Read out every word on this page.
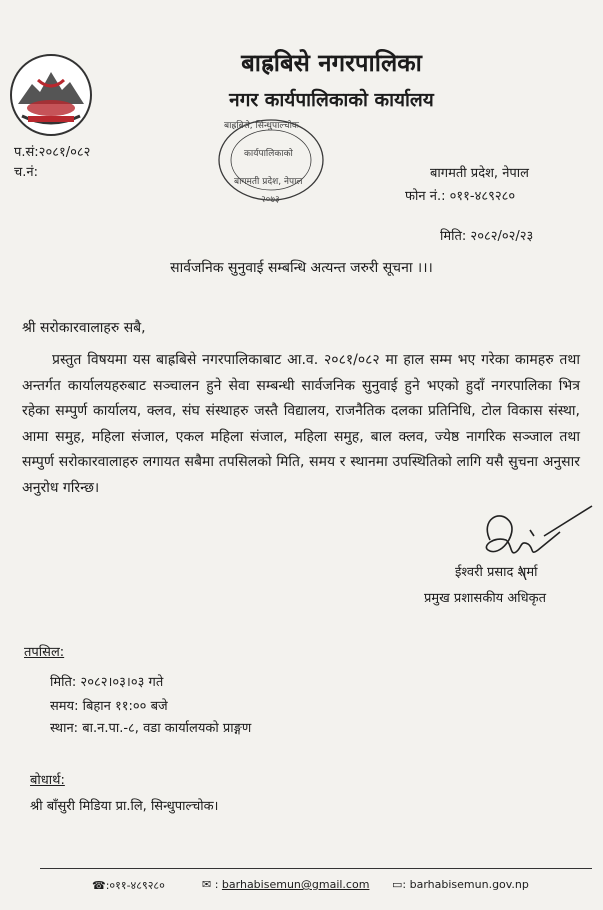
बाह्रबिसे नगरपालिका
नगर कार्यपालिकाको कार्यालय
प.सं:२०८१/०८२
च.नं:
बाह्रबिसे, सिन्धुपाल्चोक
कार्यपालिकाको
बागमती प्रदेश, नेपाल
२०७३
बागमती प्रदेश, नेपाल
फोन नं.: ०११-४८९२८०
मिति: २०८२/०२/२३
सार्वजनिक सुनुवाई सम्बन्धि अत्यन्त जरुरी सूचना ।।।
श्री सरोकारवालाहरु सबै,
प्रस्तुत विषयमा यस बाह्रबिसे नगरपालिकाबाट आ.व. २०८१/०८२ मा हाल सम्म भए गरेका कामहरु तथा अन्तर्गत कार्यालयहरुबाट सञ्चालन हुने सेवा सम्बन्धी सार्वजनिक सुनुवाई हुने भएको हुदाँ नगरपालिका भित्र रहेका सम्पुर्ण कार्यालय, क्लव, संघ संस्थाहरु जस्तै विद्यालय, राजनैतिक दलका प्रतिनिधि, टोल विकास संस्था, आमा समुह, महिला संजाल, एकल महिला संजाल, महिला समुह, बाल क्लव, ज्येष्ठ नागरिक सञ्जाल तथा सम्पुर्ण सरोकारवालाहरु लगायत सबैमा तपसिलको मिति, समय र स्थानमा उपस्थितिको लागि यसै सुचना अनुसार अनुरोध गरिन्छ।
ईश्वरी प्रसाद शर्मा
प्रमुख प्रशासकीय अधिकृत
तपसिल:
मिति: २०८२।०३।०३ गते
समय: बिहान ११:०० बजे
स्थान: बा.न.पा.-८, वडा कार्यालयको प्राङ्गण
बोधार्थ:
श्री बाँसुरी मिडिया प्रा.लि, सिन्धुपाल्चोक।
☎:०११-४८९२८०	✉ : barhabisemun@gmail.com ▭: barhabisemun.gov.np
